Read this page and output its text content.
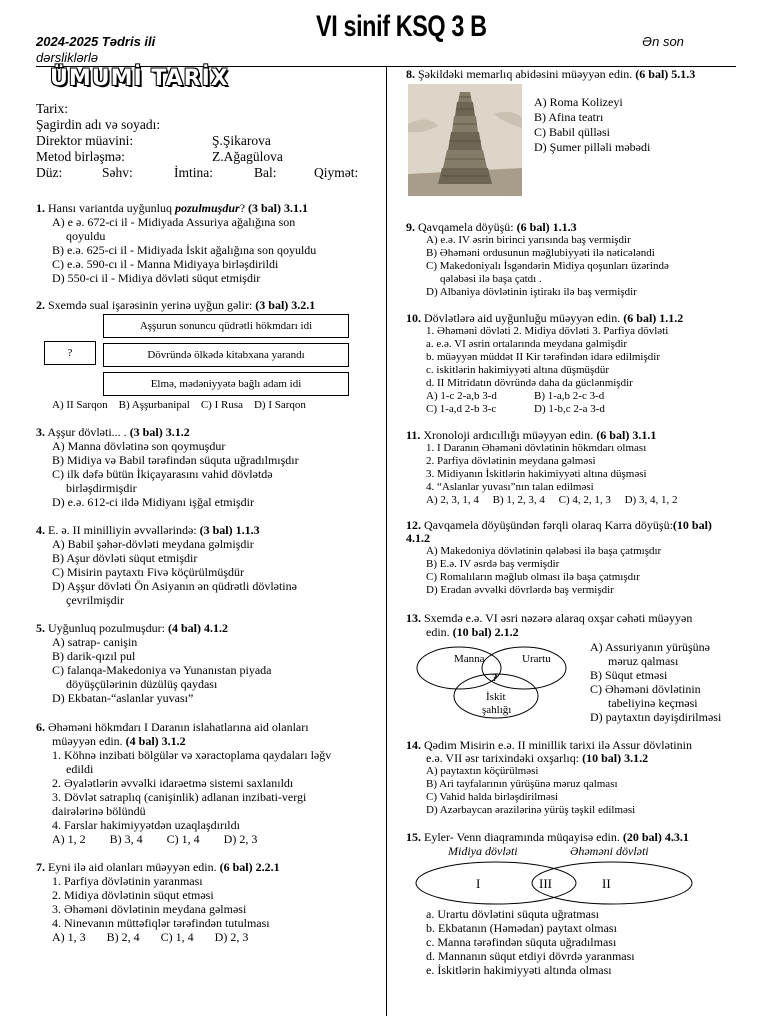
2024-2025 Tədris ili
dərsliklərlə
VI sinif KSQ 3 B	Ən son
ÜMUMİ TARİX
Tarix:
Şagirdin adı və soyadı:
Direktor müavini:	Ş.Şikarova
Metod birləşmə:	Z.Ağagülova
Düz:	Səhv:	İmtina:	Bal:	Qiymət:

1. Hansı variantda uyğunluq pozulmuşdur? (3 bal) 3.1.1

A) e ə. 672-ci il - Midiyada Assuriya ağalığına son

qoyuldu

B) e.ə. 625-ci il - Midiyada İskit ağalığına son qoyuldu

C) e.ə. 590-cı il - Manna Midiyaya birləşdirildi

D) 550-ci il - Midiya dövləti süqut etmişdir

2. Sxemdə sual işarəsinin yerinə uyğun gəlir: (3 bal) 3.2.1

Aşşurun sonuncu qüdrətli hökmdarı idi
?	Dövründə ölkədə kitabxana yarandı
Elmə, mədəniyyətə bağlı adam idi
A) II Sarqon B) Aşşurbanipal C) I Rusa D) I Sarqon

3. Aşşur dövləti... . (3 bal) 3.1.2

A) Manna dövlətinə son qoymuşdur

B) Midiya və Babil tərəfindən süquta uğradılmışdır

C) ilk dəfə bütün İkiçayarasını vahid dövlətdə

birləşdirmişdir

D) e.ə. 612-ci ildə Midiyanı işğal etmişdir

4. E. ə. II minilliyin əvvəllərində: (3 bal) 1.1.3

A) Babil şəhər-dövləti meydana gəlmişdir

B) Aşur dövləti süqut etmişdir

C) Misirin paytaxtı Fivə köçürülmüşdür

D) Aşşur dövləti Ön Asiyanın ən qüdrətli dövlətinə

çevrilmişdir

5. Uyğunluq pozulmuşdur: (4 bal) 4.1.2

A) satrap- canişin

B) darik-qızıl pul

C) falanqa-Makedoniya və Yunanıstan piyada

döyüşçülərinin düzülüş qaydası

D) Ekbatan-“aslanlar yuvası”

6. Əhəməni hökmdarı I Daranın islahatlarına aid olanları

müəyyən edin. (4 bal) 3.1.2

1. Köhnə inzibati bölgülər və xəractoplama qaydaları ləğv

edildi

2. Əyalətlərin əvvəlki idarəetmə sistemi saxlanıldı

3. Dövlət satraplıq (canişinlik) adlanan inzibati-vergi

dairələrinə bölündü

4. Farslar hakimiyyətdən uzaqlaşdırıldı

A) 1, 2 B) 3, 4 C) 1, 4 D) 2, 3

7. Eyni ilə aid olanları müəyyən edin. (6 bal) 2.2.1

1. Parfiya dövlətinin yaranması

2. Midiya dövlətinin süqut etməsi

3. Əhəməni dövlətinin meydana gəlməsi

4. Ninevanın müttəfiqlər tərəfindən tutulması

A) 1, 3 B) 2, 4 C) 1, 4 D) 2, 3

8. Şəkildəki memarlıq abidəsini müəyyən edin. (6 bal) 5.1.3

A) Roma Kolizeyi

B) Afina teatrı

C) Babil qülləsi

D) Şumer pilləli məbədi

9. Qavqamela döyüşü: (6 bal) 1.1.3

A) e.ə. IV əsrin birinci yarısında baş vermişdir

B) Əhəməni ordusunun məğlubiyyəti ilə nəticələndi

C) Makedoniyalı İsgəndərin Midiya qoşunları üzərində

qələbəsi ilə başa çatdı .

D) Albaniya dövlətinin iştirakı ilə baş vermişdir

10. Dövlətlərə aid uyğunluğu müəyyən edin. (6 bal) 1.1.2

1. Əhəməni dövləti 2. Midiya dövləti 3. Parfiya dövləti

a. e.ə. VI əsrin ortalarında meydana gəlmişdir

b. müəyyən müddət II Kir tərəfindən idarə edilmişdir

c. iskitlərin hakimiyyəti altına düşmüşdür

d. II Mitridatın dövründə daha da güclənmişdir

A) 1-c 2-a,b 3-d	B) 1-a,b 2-c 3-d

C) 1-a,d 2-b 3-c	D) 1-b,c 2-a 3-d

11. Xronoloji ardıcıllığı müəyyən edin. (6 bal) 3.1.1

1. I Daranın Əhəməni dövlətinin hökmdarı olması

2. Parfiya dövlətinin meydana gəlməsi

3. Midiyanın İskitlərin hakimiyyəti altına düşməsi

4. “Aslanlar yuvası”nın talan edilməsi

A) 2, 3, 1, 4 B) 1, 2, 3, 4 C) 4, 2, 1, 3 D) 3, 4, 1, 2

12. Qavqamela döyüşündən fərqli olaraq Karra döyüşü:(10 bal)

4.1.2

A) Makedoniya dövlətinin qələbəsi ilə başa çatmışdır

B) E.ə. IV əsrdə baş vermişdir

C) Romalıların məğlub olması ilə başa çatmışdır

D) Eradan əvvəlki dövrlərdə baş vermişdir

13. Sxemdə e.ə. VI əsri nəzərə alaraq oxşar cəhəti müəyyən

edin. (10 bal) 2.1.2

Manna	Urartu
?
İskit
şahlığı

A) Assuriyanın yürüşünə

məruz qalması

B) Süqut etməsi

C) Əhəməni dövlətinin

tabeliyinə keçməsi

D) paytaxtın dəyişdirilməsi

14. Qədim Misirin e.ə. II minillik tarixi ilə Assur dövlətinin

e.ə. VII əsr tarixindəki oxşarlıq: (10 bal) 3.1.2

A) paytaxtın köçürülməsi

B) Ari tayfalarının yürüşünə məruz qalması

C) Vahid halda birləşdirilməsi

D) Azərbaycan ərazilərinə yürüş təşkil edilməsi

15. Eyler- Venn diaqramında müqayisə edin. (20 bal) 4.3.1

Midiya dövləti	Əhəməni dövləti
I	III	II

a. Urartu dövlətini süquta uğratması

b. Ekbatanın (Həmədan) paytaxt olması

c. Manna tərəfindən süquta uğradılması

d. Mannanın süqut etdiyi dövrdə yaranması

e. İskitlərin hakimiyyəti altında olması
